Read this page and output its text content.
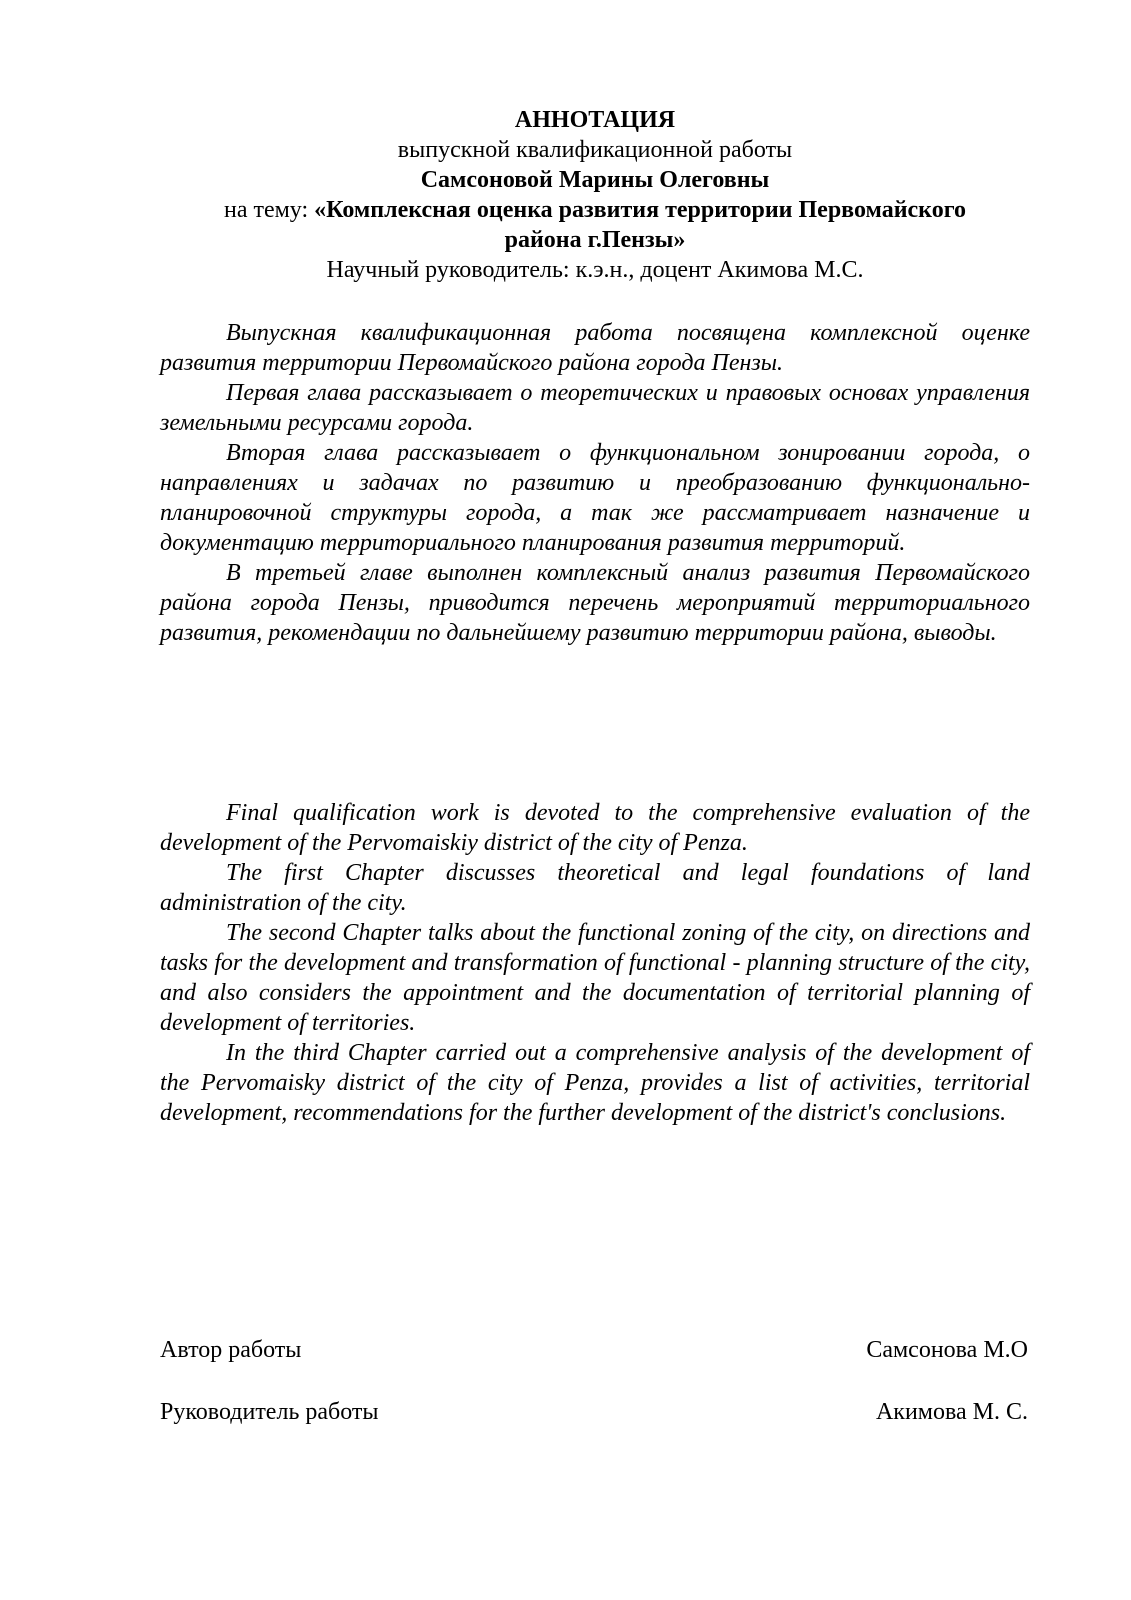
АННОТАЦИЯ
выпускной квалификационной работы
Самсоновой Марины Олеговны
на тему: «Комплексная оценка развития территории Первомайского
района г.Пензы»
Научный руководитель: к.э.н., доцент Акимова М.С.

Выпускная квалификационная работа посвящена комплексной оценке развития территории Первомайского района города Пензы.

Первая глава рассказывает о теоретических и правовых основах управления земельными ресурсами города.

Вторая глава рассказывает о функциональном зонировании города, о направлениях и задачах по развитию и преобразованию функционально-планировочной структуры города, а так же рассматривает назначение и документацию территориального планирования развития территорий.

В третьей главе выполнен комплексный анализ развития Первомайского района города Пензы, приводится перечень мероприятий территориального развития, рекомендации по дальнейшему развитию территории района, выводы.

Final qualification work is devoted to the comprehensive evaluation of the development of the Pervomaiskiy district of the city of Penza.

The first Chapter discusses theoretical and legal foundations of land administration of the city.

The second Chapter talks about the functional zoning of the city, on directions and tasks for the development and transformation of functional - planning structure of the city, and also considers the appointment and the documentation of territorial planning of development of territories.

In the third Chapter carried out a comprehensive analysis of the development of the Pervomaisky district of the city of Penza, provides a list of activities, territorial development, recommendations for the further development of the district's conclusions.

Автор работы	Самсонова М.О
Руководитель работы	Акимова М. С.
